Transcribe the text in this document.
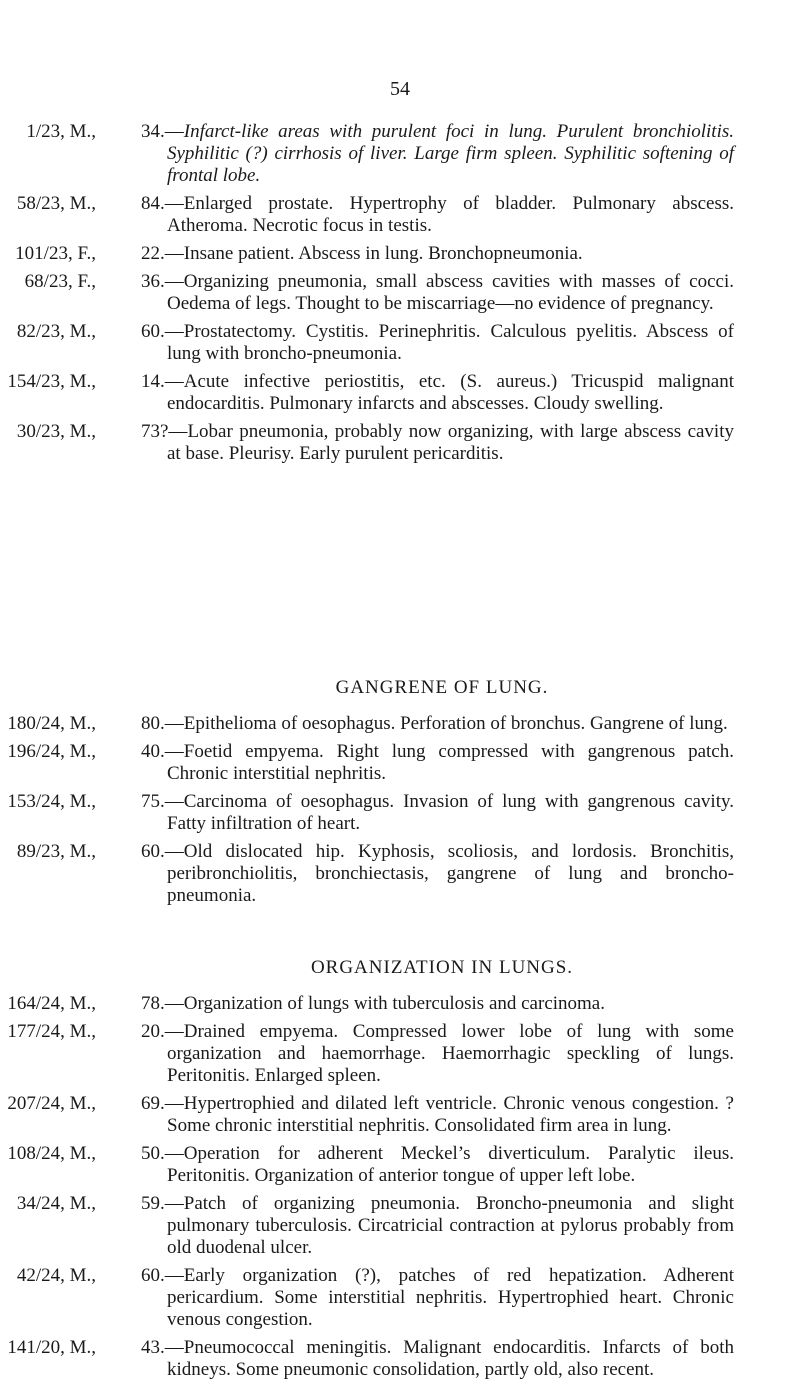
54
1/23, M., 34.—Infarct-like areas with purulent foci in lung. Purulent bronchiolitis. Syphilitic (?) cirrhosis of liver. Large firm spleen. Syphilitic softening of frontal lobe.
58/23, M., 84.—Enlarged prostate. Hypertrophy of bladder. Pulmonary abscess. Atheroma. Necrotic focus in testis.
101/23, F., 22.—Insane patient. Abscess in lung. Bronchopneumonia.
68/23, F., 36.—Organizing pneumonia, small abscess cavities with masses of cocci. Oedema of legs. Thought to be miscarriage—no evidence of pregnancy.
82/23, M., 60.—Prostatectomy. Cystitis. Perinephritis. Calculous pyelitis. Abscess of lung with broncho-pneumonia.
154/23, M., 14.—Acute infective periostitis, etc. (S. aureus.) Tricuspid malignant endocarditis. Pulmonary infarcts and abscesses. Cloudy swelling.
30/23, M., 73?—Lobar pneumonia, probably now organizing, with large abscess cavity at base. Pleurisy. Early purulent pericarditis.
GANGRENE OF LUNG.
180/24, M., 80.—Epithelioma of oesophagus. Perforation of bronchus. Gangrene of lung.
196/24, M., 40.—Foetid empyema. Right lung compressed with gangrenous patch. Chronic interstitial nephritis.
153/24, M., 75.—Carcinoma of oesophagus. Invasion of lung with gangrenous cavity. Fatty infiltration of heart.
89/23, M., 60.—Old dislocated hip. Kyphosis, scoliosis, and lordosis. Bronchitis, peribronchiolitis, bronchiectasis, gangrene of lung and broncho-pneumonia.
ORGANIZATION IN LUNGS.
164/24, M., 78.—Organization of lungs with tuberculosis and carcinoma.
177/24, M., 20.—Drained empyema. Compressed lower lobe of lung with some organization and haemorrhage. Haemorrhagic speckling of lungs. Peritonitis. Enlarged spleen.
207/24, M., 69.—Hypertrophied and dilated left ventricle. Chronic venous congestion. ? Some chronic interstitial nephritis. Consolidated firm area in lung.
108/24, M., 50.—Operation for adherent Meckel’s diverticulum. Paralytic ileus. Peritonitis. Organization of anterior tongue of upper left lobe.
34/24, M., 59.—Patch of organizing pneumonia. Broncho-pneumonia and slight pulmonary tuberculosis. Circatricial contraction at pylorus probably from old duodenal ulcer.
42/24, M., 60.—Early organization (?), patches of red hepatization. Adherent pericardium. Some interstitial nephritis. Hypertrophied heart. Chronic venous congestion.
141/20, M., 43.—Pneumococcal meningitis. Malignant endocarditis. Infarcts of both kidneys. Some pneumonic consolidation, partly old, also recent.
